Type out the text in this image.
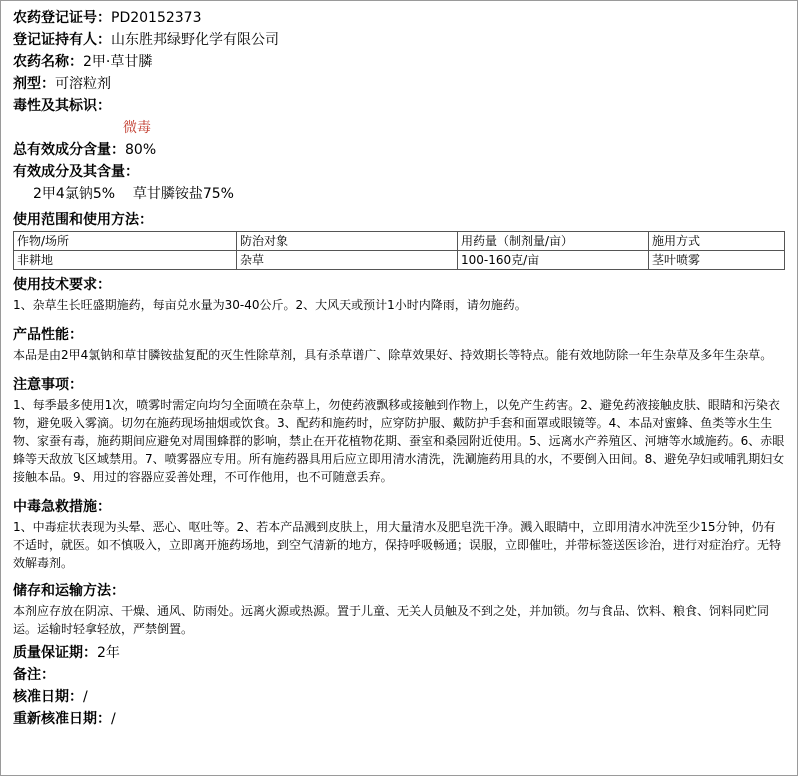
农药登记证号：PD20152373
登记证持有人：山东胜邦绿野化学有限公司
农药名称：2甲·草甘膦
剂型：可溶粒剂
毒性及其标识：
微毒
总有效成分含量：80%
有效成分及其含量：
2甲4氯钠5% 草甘膦铵盐75%
使用范围和使用方法：
作物/场所	防治对象	用药量（制剂量/亩）	施用方式
非耕地	杂草	100-160克/亩	茎叶喷雾
使用技术要求：

1、杂草生长旺盛期施药，每亩兑水量为30-40公斤。2、大风天或预计1小时内降雨，请勿施药。

产品性能：

本品是由2甲4氯钠和草甘膦铵盐复配的灭生性除草剂，具有杀草谱广、除草效果好、持效期长等特点。能有效地防除一年生杂草及多年生杂草。

注意事项：

1、每季最多使用1次，喷雾时需定向均匀全面喷在杂草上，勿使药液飘移或接触到作物上，以免产生药害。2、避免药液接触皮肤、眼睛和污染衣物，避免吸入雾滴。切勿在施药现场抽烟或饮食。3、配药和施药时，应穿防护服、戴防护手套和面罩或眼镜等。4、本品对蜜蜂、鱼类等水生生物、家蚕有毒，施药期间应避免对周围蜂群的影响，禁止在开花植物花期、蚕室和桑园附近使用。5、远离水产养殖区、河塘等水域施药。6、赤眼蜂等天敌放飞区域禁用。7、喷雾器应专用。所有施药器具用后应立即用清水清洗，洗涮施药用具的水，不要倒入田间。8、避免孕妇或哺乳期妇女接触本品。9、用过的容器应妥善处理，不可作他用，也不可随意丢弃。

中毒急救措施：

1、中毒症状表现为头晕、恶心、呕吐等。2、若本产品溅到皮肤上，用大量清水及肥皂洗干净。溅入眼睛中，立即用清水冲洗至少15分钟，仍有不适时，就医。如不慎吸入，立即离开施药场地，到空气清新的地方，保持呼吸畅通；误服，立即催吐，并带标签送医诊治，进行对症治疗。无特效解毒剂。

储存和运输方法：

本剂应存放在阴凉、干燥、通风、防雨处。远离火源或热源。置于儿童、无关人员触及不到之处，并加锁。勿与食品、饮料、粮食、饲料同贮同运。运输时轻拿轻放，严禁倒置。

质量保证期：2年
备注：
核准日期：/
重新核准日期：/
